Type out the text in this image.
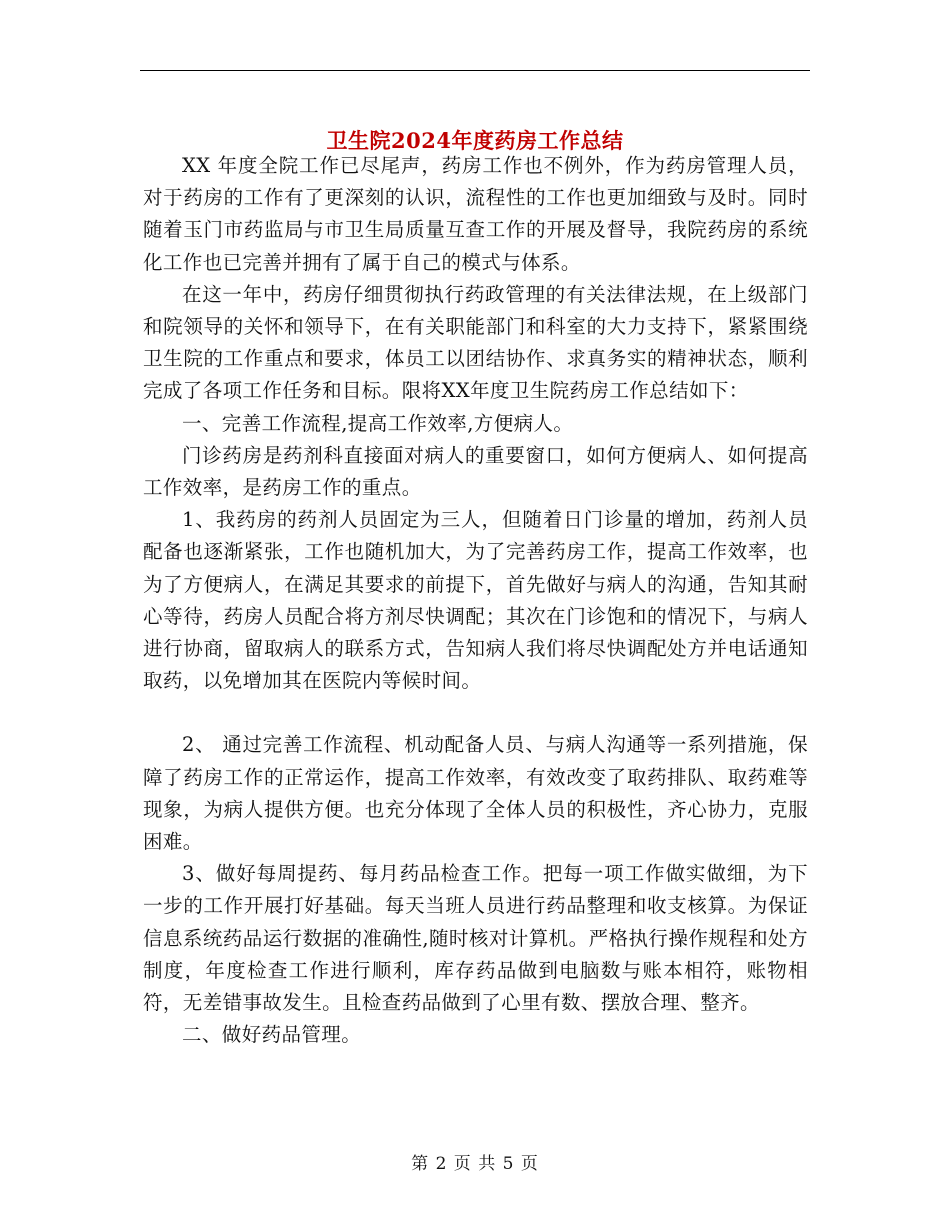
卫生院2024年度药房工作总结

XX 年度全院工作已尽尾声，药房工作也不例外，作为药房管理人员，对于药房的工作有了更深刻的认识，流程性的工作也更加细致与及时。同时随着玉门市药监局与市卫生局质量互查工作的开展及督导，我院药房的系统化工作也已完善并拥有了属于自己的模式与体系。

在这一年中，药房仔细贯彻执行药政管理的有关法律法规，在上级部门和院领导的关怀和领导下，在有关职能部门和科室的大力支持下，紧紧围绕卫生院的工作重点和要求，体员工以团结协作、求真务实的精神状态，顺利完成了各项工作任务和目标。限将XX年度卫生院药房工作总结如下：

一、完善工作流程,提高工作效率,方便病人。

门诊药房是药剂科直接面对病人的重要窗口，如何方便病人、如何提高工作效率，是药房工作的重点。

1、我药房的药剂人员固定为三人，但随着日门诊量的增加，药剂人员配备也逐渐紧张，工作也随机加大，为了完善药房工作，提高工作效率，也为了方便病人，在满足其要求的前提下，首先做好与病人的沟通，告知其耐心等待，药房人员配合将方剂尽快调配；其次在门诊饱和的情况下，与病人进行协商，留取病人的联系方式，告知病人我们将尽快调配处方并电话通知取药，以免增加其在医院内等候时间。

2、 通过完善工作流程、机动配备人员、与病人沟通等一系列措施，保障了药房工作的正常运作，提高工作效率，有效改变了取药排队、取药难等现象，为病人提供方便。也充分体现了全体人员的积极性，齐心协力，克服困难。

3、做好每周提药、每月药品检查工作。把每一项工作做实做细，为下一步的工作开展打好基础。每天当班人员进行药品整理和收支核算。为保证信息系统药品运行数据的准确性,随时核对计算机。严格执行操作规程和处方制度，年度检查工作进行顺利，库存药品做到电脑数与账本相符，账物相符，无差错事故发生。且检查药品做到了心里有数、摆放合理、整齐。

二、做好药品管理。

第 2 页 共 5 页
